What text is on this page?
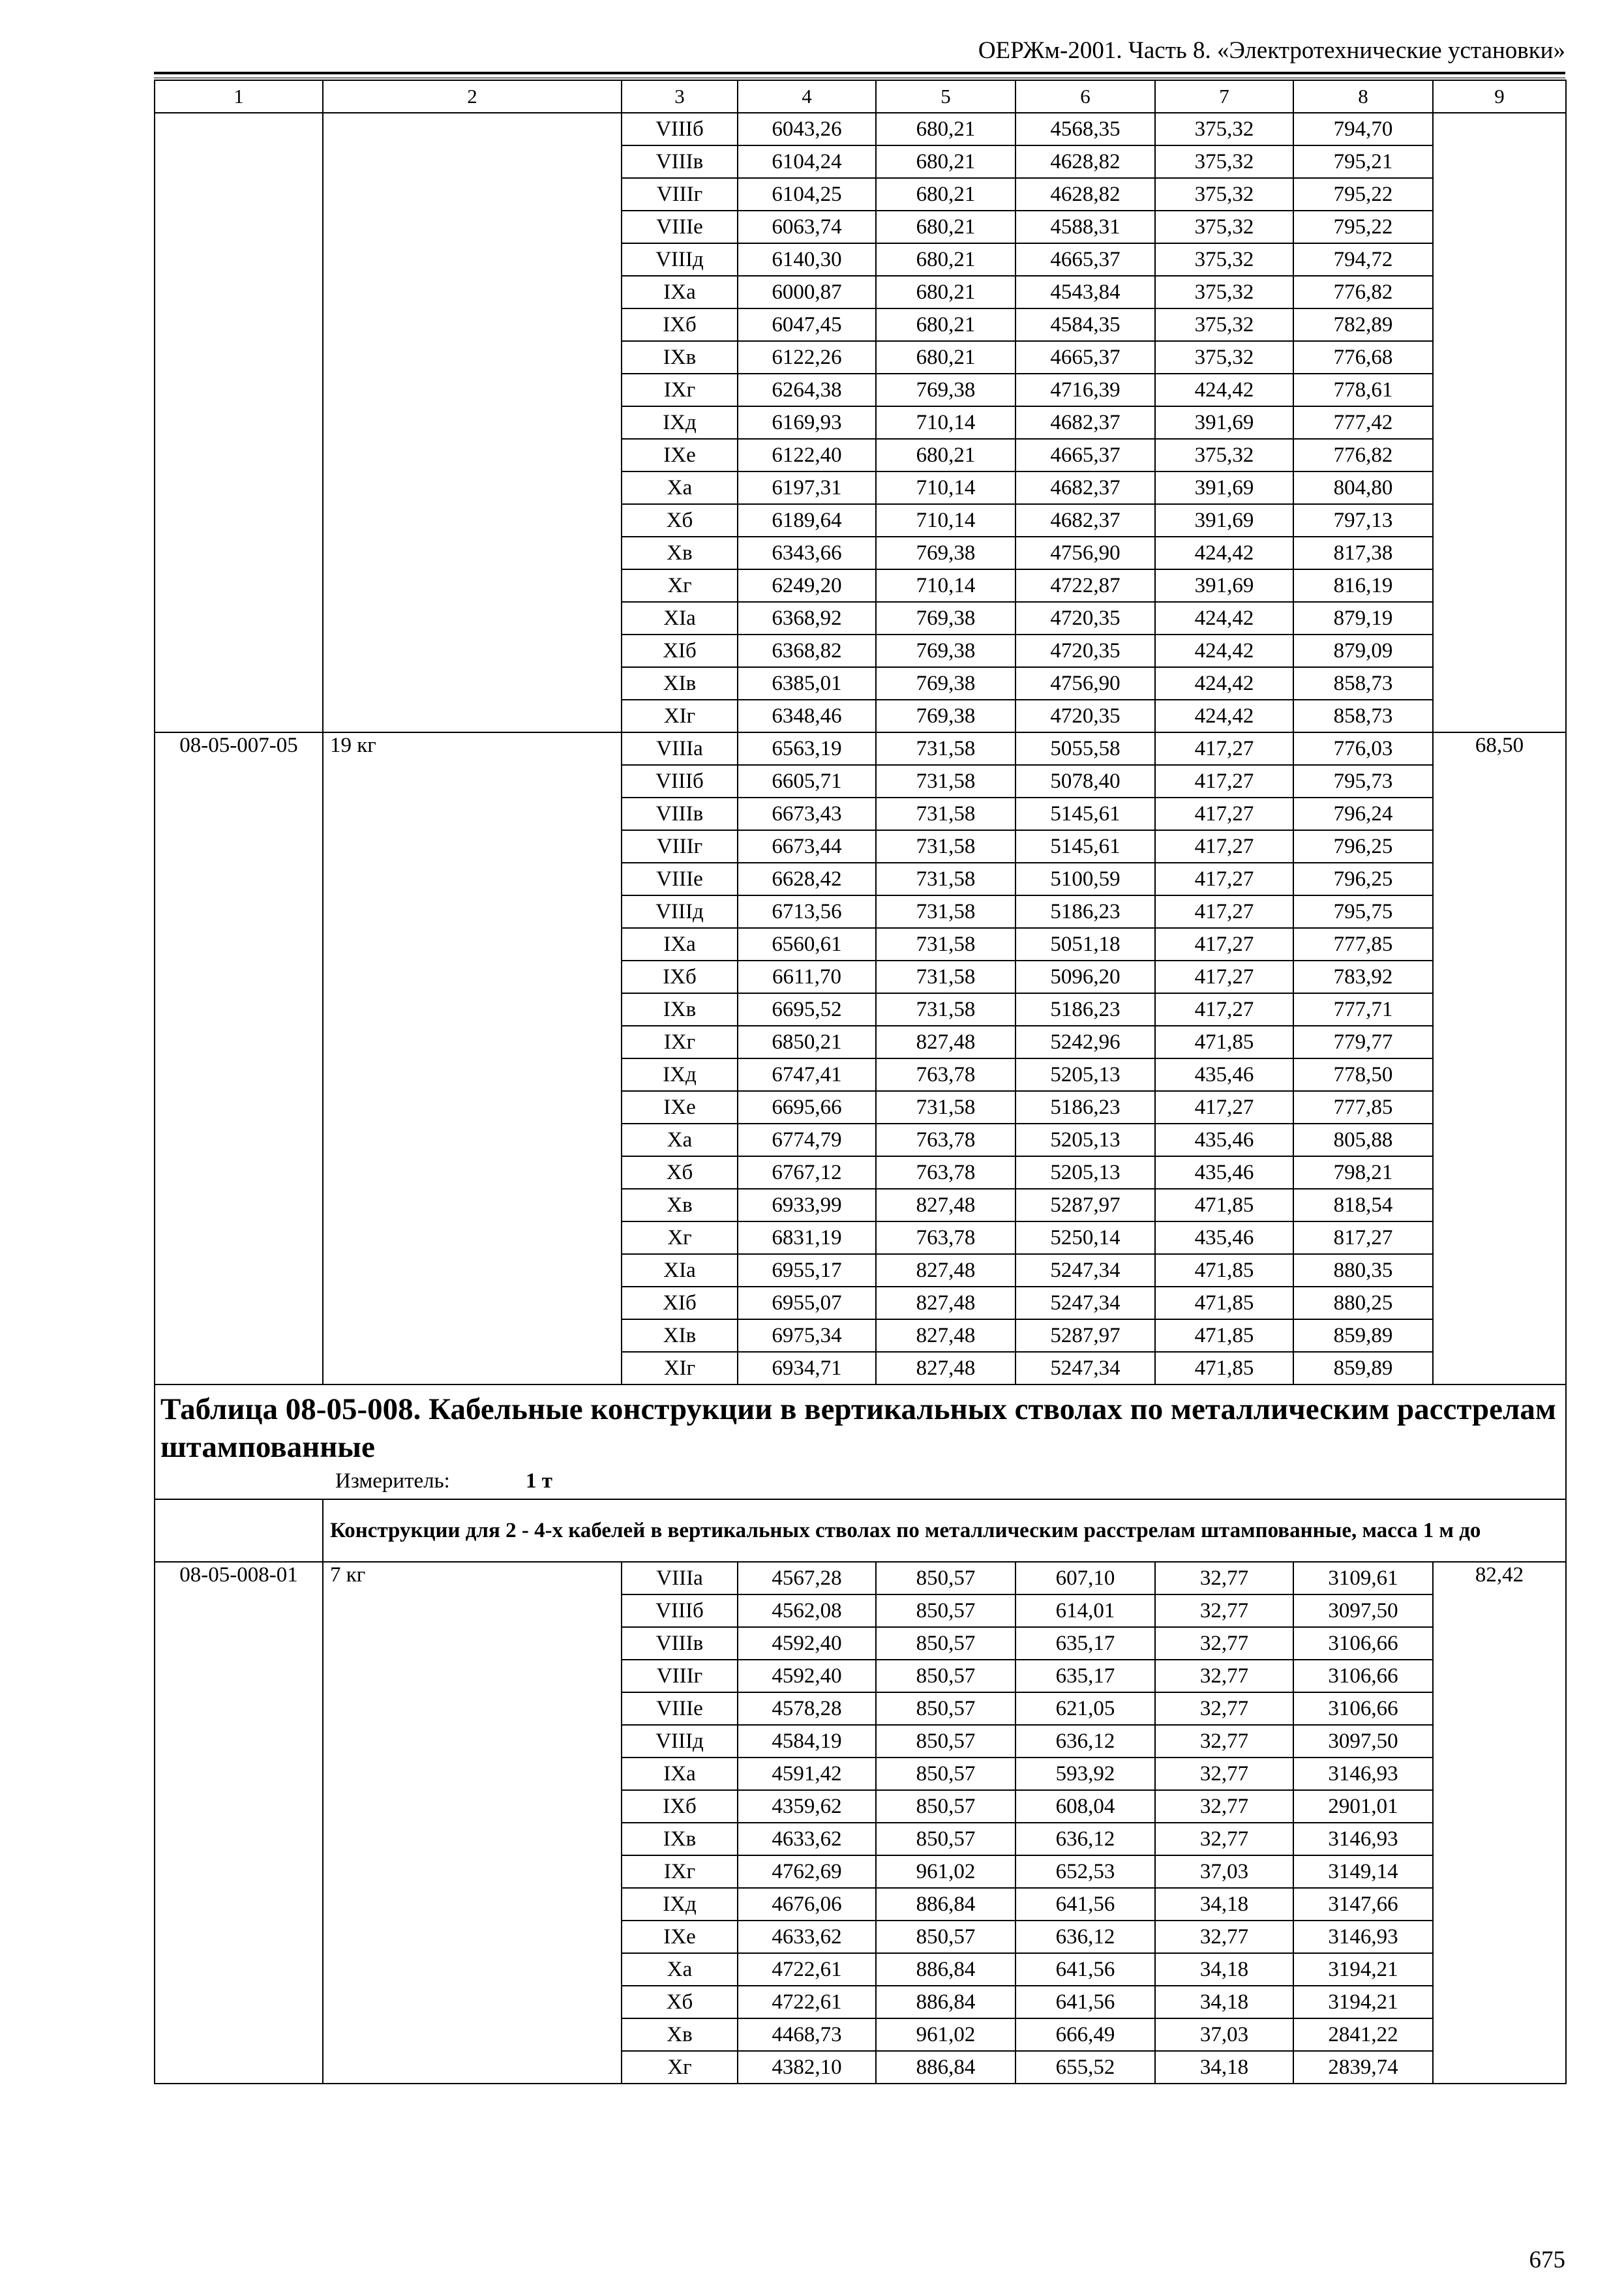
ОЕРЖм-2001. Часть 8. «Электротехнические установки»
1	2	3	4	5	6	7	8	9
		VIIIб	6043,26	680,21	4568,35	375,32	794,70	
		VIIIв	6104,24	680,21	4628,82	375,32	795,21	
		VIIIг	6104,25	680,21	4628,82	375,32	795,22	
		VIIIе	6063,74	680,21	4588,31	375,32	795,22	
		VIIIд	6140,30	680,21	4665,37	375,32	794,72	
		IXа	6000,87	680,21	4543,84	375,32	776,82	
		IXб	6047,45	680,21	4584,35	375,32	782,89	
		IXв	6122,26	680,21	4665,37	375,32	776,68	
		IXг	6264,38	769,38	4716,39	424,42	778,61	
		IXд	6169,93	710,14	4682,37	391,69	777,42	
		IXе	6122,40	680,21	4665,37	375,32	776,82	
		Xа	6197,31	710,14	4682,37	391,69	804,80	
		Xб	6189,64	710,14	4682,37	391,69	797,13	
		Xв	6343,66	769,38	4756,90	424,42	817,38	
		Xг	6249,20	710,14	4722,87	391,69	816,19	
		XIа	6368,92	769,38	4720,35	424,42	879,19	
		XIб	6368,82	769,38	4720,35	424,42	879,09	
		XIв	6385,01	769,38	4756,90	424,42	858,73	
		XIг	6348,46	769,38	4720,35	424,42	858,73	
08-05-007-05	19 кг	VIIIа	6563,19	731,58	5055,58	417,27	776,03	68,50
		VIIIб	6605,71	731,58	5078,40	417,27	795,73	
		VIIIв	6673,43	731,58	5145,61	417,27	796,24	
		VIIIг	6673,44	731,58	5145,61	417,27	796,25	
		VIIIе	6628,42	731,58	5100,59	417,27	796,25	
		VIIIд	6713,56	731,58	5186,23	417,27	795,75	
		IXа	6560,61	731,58	5051,18	417,27	777,85	
		IXб	6611,70	731,58	5096,20	417,27	783,92	
		IXв	6695,52	731,58	5186,23	417,27	777,71	
		IXг	6850,21	827,48	5242,96	471,85	779,77	
		IXд	6747,41	763,78	5205,13	435,46	778,50	
		IXе	6695,66	731,58	5186,23	417,27	777,85	
		Xа	6774,79	763,78	5205,13	435,46	805,88	
		Xб	6767,12	763,78	5205,13	435,46	798,21	
		Xв	6933,99	827,48	5287,97	471,85	818,54	
		Xг	6831,19	763,78	5250,14	435,46	817,27	
		XIа	6955,17	827,48	5247,34	471,85	880,35	
		XIб	6955,07	827,48	5247,34	471,85	880,25	
		XIв	6975,34	827,48	5287,97	471,85	859,89	
		XIг	6934,71	827,48	5247,34	471,85	859,89	

Таблица 08-05-008. Кабельные конструкции в вертикальных стволах по металлическим расстрелам штампованные
Измеритель: 1 т								

	Конструкции для 2 - 4-х кабелей в вертикальных стволах по металлическим расстрелам штампованные, масса 1 м до							
08-05-008-01	7 кг	VIIIа	4567,28	850,57	607,10	32,77	3109,61	82,42
		VIIIб	4562,08	850,57	614,01	32,77	3097,50	
		VIIIв	4592,40	850,57	635,17	32,77	3106,66	
		VIIIг	4592,40	850,57	635,17	32,77	3106,66	
		VIIIе	4578,28	850,57	621,05	32,77	3106,66	
		VIIIд	4584,19	850,57	636,12	32,77	3097,50	
		IXа	4591,42	850,57	593,92	32,77	3146,93	
		IXб	4359,62	850,57	608,04	32,77	2901,01	
		IXв	4633,62	850,57	636,12	32,77	3146,93	
		IXг	4762,69	961,02	652,53	37,03	3149,14	
		IXд	4676,06	886,84	641,56	34,18	3147,66	
		IXе	4633,62	850,57	636,12	32,77	3146,93	
		Xа	4722,61	886,84	641,56	34,18	3194,21	
		Xб	4722,61	886,84	641,56	34,18	3194,21	
		Xв	4468,73	961,02	666,49	37,03	2841,22	
		Xг	4382,10	886,84	655,52	34,18	2839,74	
675
